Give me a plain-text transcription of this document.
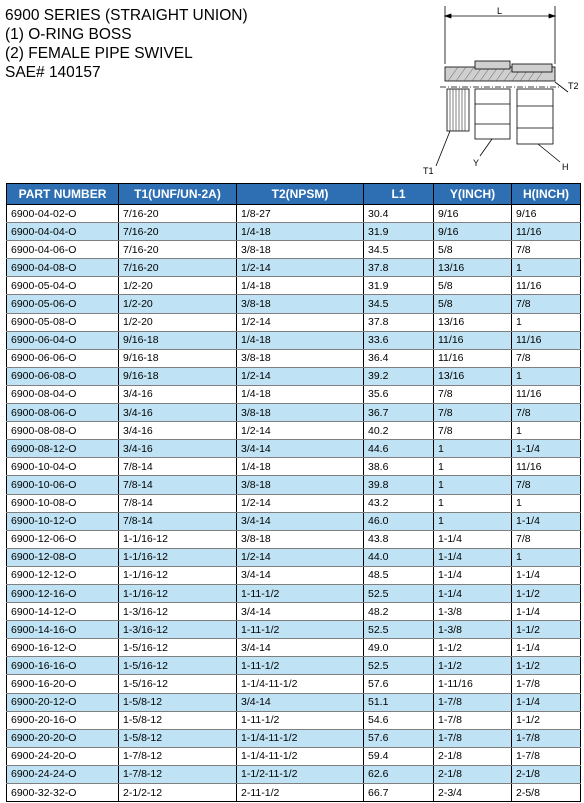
6900 SERIES (STRAIGHT UNION)
(1) O-RING BOSS
(2) FEMALE PIPE SWIVEL
SAE# 140157
L
T2
T1
Y	H
PART NUMBER	T1(UNF/UN-2A)	T2(NPSM)	L1	Y(INCH)	H(INCH)
6900-04-02-O	7/16-20	1/8-27	30.4	9/16	9/16
6900-04-04-O	7/16-20	1/4-18	31.9	9/16	11/16
6900-04-06-O	7/16-20	3/8-18	34.5	5/8	7/8
6900-04-08-O	7/16-20	1/2-14	37.8	13/16	1
6900-05-04-O	1/2-20	1/4-18	31.9	5/8	11/16
6900-05-06-O	1/2-20	3/8-18	34.5	5/8	7/8
6900-05-08-O	1/2-20	1/2-14	37.8	13/16	1
6900-06-04-O	9/16-18	1/4-18	33.6	11/16	11/16
6900-06-06-O	9/16-18	3/8-18	36.4	11/16	7/8
6900-06-08-O	9/16-18	1/2-14	39.2	13/16	1
6900-08-04-O	3/4-16	1/4-18	35.6	7/8	11/16
6900-08-06-O	3/4-16	3/8-18	36.7	7/8	7/8
6900-08-08-O	3/4-16	1/2-14	40.2	7/8	1
6900-08-12-O	3/4-16	3/4-14	44.6	1	1-1/4
6900-10-04-O	7/8-14	1/4-18	38.6	1	11/16
6900-10-06-O	7/8-14	3/8-18	39.8	1	7/8
6900-10-08-O	7/8-14	1/2-14	43.2	1	1
6900-10-12-O	7/8-14	3/4-14	46.0	1	1-1/4
6900-12-06-O	1-1/16-12	3/8-18	43.8	1-1/4	7/8
6900-12-08-O	1-1/16-12	1/2-14	44.0	1-1/4	1
6900-12-12-O	1-1/16-12	3/4-14	48.5	1-1/4	1-1/4
6900-12-16-O	1-1/16-12	1-11-1/2	52.5	1-1/4	1-1/2
6900-14-12-O	1-3/16-12	3/4-14	48.2	1-3/8	1-1/4
6900-14-16-O	1-3/16-12	1-11-1/2	52.5	1-3/8	1-1/2
6900-16-12-O	1-5/16-12	3/4-14	49.0	1-1/2	1-1/4
6900-16-16-O	1-5/16-12	1-11-1/2	52.5	1-1/2	1-1/2
6900-16-20-O	1-5/16-12	1-1/4-11-1/2	57.6	1-11/16	1-7/8
6900-20-12-O	1-5/8-12	3/4-14	51.1	1-7/8	1-1/4
6900-20-16-O	1-5/8-12	1-11-1/2	54.6	1-7/8	1-1/2
6900-20-20-O	1-5/8-12	1-1/4-11-1/2	57.6	1-7/8	1-7/8
6900-24-20-O	1-7/8-12	1-1/4-11-1/2	59.4	2-1/8	1-7/8
6900-24-24-O	1-7/8-12	1-1/2-11-1/2	62.6	2-1/8	2-1/8
6900-32-32-O	2-1/2-12	2-11-1/2	66.7	2-3/4	2-5/8
